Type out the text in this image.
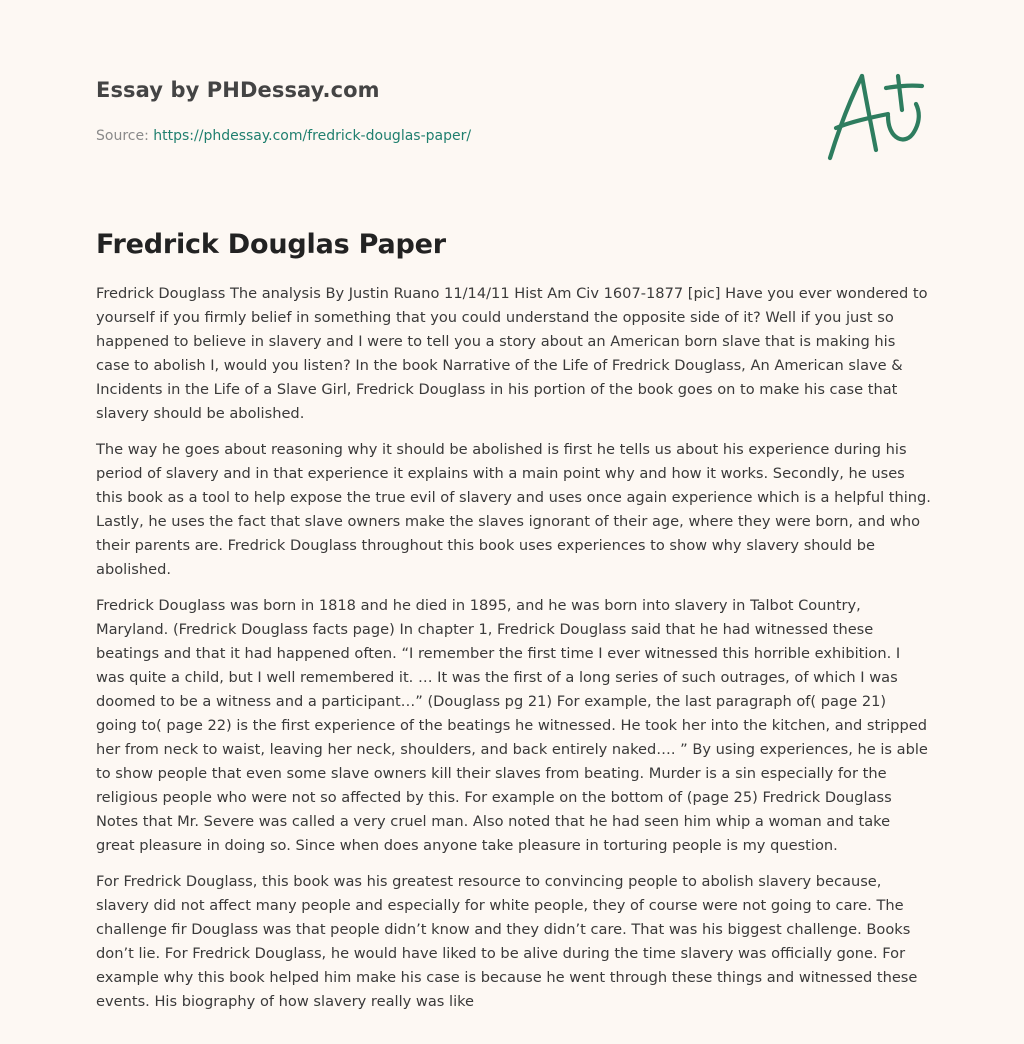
Essay by PHDessay.com
Source: https://phdessay.com/fredrick-douglas-paper/
Fredrick Douglas Paper

Fredrick Douglass The analysis By Justin Ruano 11/14/11 Hist Am Civ 1607-1877 [pic] Have you ever wondered to yourself if you firmly belief in something that you could understand the opposite side of it? Well if you just so happened to believe in slavery and I were to tell you a story about an American born slave that is making his case to abolish I, would you listen? In the book Narrative of the Life of Fredrick Douglass, An American slave & Incidents in the Life of a Slave Girl, Fredrick Douglass in his portion of the book goes on to make his case that slavery should be abolished.

The way he goes about reasoning why it should be abolished is first he tells us about his experience during his period of slavery and in that experience it explains with a main point why and how it works. Secondly, he uses this book as a tool to help expose the true evil of slavery and uses once again experience which is a helpful thing. Lastly, he uses the fact that slave owners make the slaves ignorant of their age, where they were born, and who their parents are. Fredrick Douglass throughout this book uses experiences to show why slavery should be abolished.

Fredrick Douglass was born in 1818 and he died in 1895, and he was born into slavery in Talbot Country, Maryland. (Fredrick Douglass facts page) In chapter 1, Fredrick Douglass said that he had witnessed these beatings and that it had happened often. “I remember the first time I ever witnessed this horrible exhibition. I was quite a child, but I well remembered it. … It was the first of a long series of such outrages, of which I was doomed to be a witness and a participant…” (Douglass pg 21) For example, the last paragraph of( page 21) going to( page 22) is the first experience of the beatings he witnessed. He took her into the kitchen, and stripped her from neck to waist, leaving her neck, shoulders, and back entirely naked…. ” By using experiences, he is able to show people that even some slave owners kill their slaves from beating. Murder is a sin especially for the religious people who were not so affected by this. For example on the bottom of (page 25) Fredrick Douglass Notes that Mr. Severe was called a very cruel man. Also noted that he had seen him whip a woman and take great pleasure in doing so. Since when does anyone take pleasure in torturing people is my question.

For Fredrick Douglass, this book was his greatest resource to convincing people to abolish slavery because, slavery did not affect many people and especially for white people, they of course were not going to care. The challenge fir Douglass was that people didn’t know and they didn’t care. That was his biggest challenge. Books don’t lie. For Fredrick Douglass, he would have liked to be alive during the time slavery was officially gone. For example why this book helped him make his case is because he went through these things and witnessed these events. His biography of how slavery really was like
